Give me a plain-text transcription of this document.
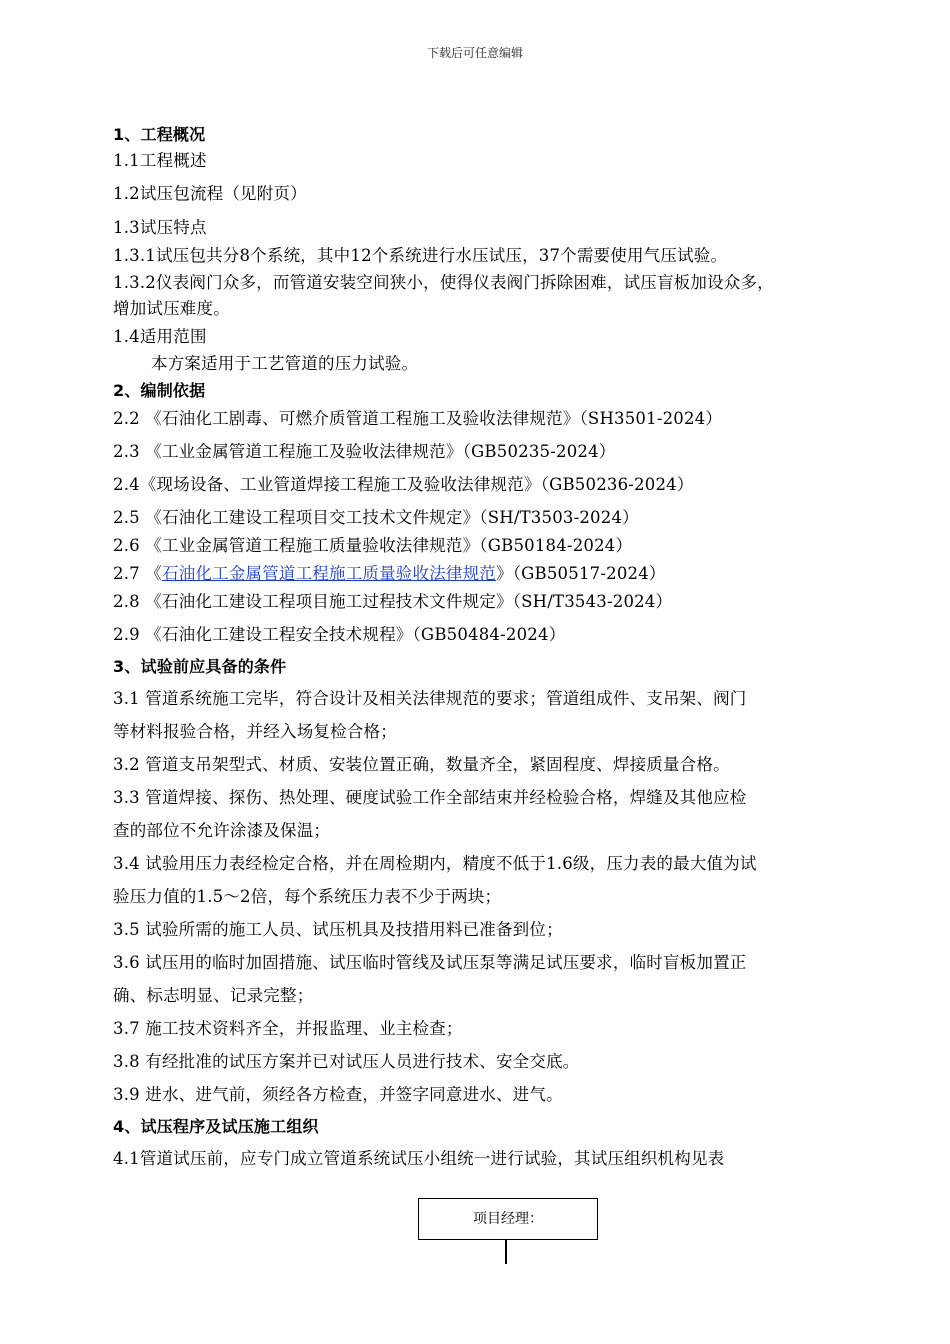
下载后可任意编辑
1、工程概况
1.1工程概述
1.2试压包流程（见附页）
1.3试压特点
1.3.1试压包共分8个系统，其中12个系统进行水压试压，37个需要使用气压试验。
1.3.2仪表阀门众多，而管道安装空间狭小，使得仪表阀门拆除困难，试压盲板加设众多，
增加试压难度。
1.4适用范围
本方案适用于工艺管道的压力试验。
2、编制依据
2.2 《石油化工剧毒、可燃介质管道工程施工及验收法律规范》（SH3501-2024）
2.3 《工业金属管道工程施工及验收法律规范》（GB50235-2024）
2.4《现场设备、工业管道焊接工程施工及验收法律规范》（GB50236-2024）
2.5 《石油化工建设工程项目交工技术文件规定》（SH/T3503-2024）
2.6 《工业金属管道工程施工质量验收法律规范》（GB50184-2024）
2.8 《石油化工建设工程项目施工过程技术文件规定》（SH/T3543-2024）
2.9 《石油化工建设工程安全技术规程》（GB50484-2024）
3、试验前应具备的条件
3.1 管道系统施工完毕，符合设计及相关法律规范的要求；管道组成件、支吊架、阀门
等材料报验合格，并经入场复检合格；
3.2 管道支吊架型式、材质、安装位置正确，数量齐全，紧固程度、焊接质量合格。
3.3 管道焊接、探伤、热处理、硬度试验工作全部结束并经检验合格，焊缝及其他应检
查的部位不允许涂漆及保温；
3.4 试验用压力表经检定合格，并在周检期内，精度不低于1.6级，压力表的最大值为试
验压力值的1.5～2倍，每个系统压力表不少于两块；
3.5 试验所需的施工人员、试压机具及技措用料已准备到位；
3.6 试压用的临时加固措施、试压临时管线及试压泵等满足试压要求，临时盲板加置正
确、标志明显、记录完整；
3.7 施工技术资料齐全，并报监理、业主检查；
3.8 有经批准的试压方案并已对试压人员进行技术、安全交底。
3.9 进水、进气前，须经各方检查，并签字同意进水、进气。
4、试压程序及试压施工组织
4.1管道试压前，应专门成立管道系统试压小组统一进行试验，其试压组织机构见表
2.7 《石油化工金属管道工程施工质量验收法律规范》（GB50517-2024）
项目经理：
